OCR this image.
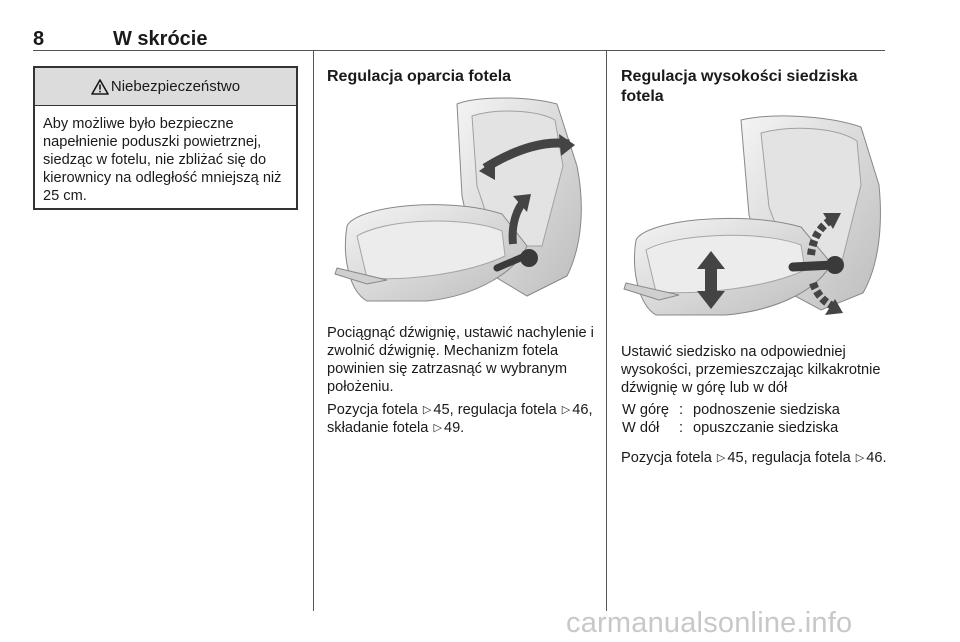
8	W skrócie
Niebezpieczeństwo
Aby możliwe było bezpieczne napełnienie poduszki powietrznej, siedząc w fotelu, nie zbliżać się do kierownicy na odległość mniejszą niż 25 cm.
Regulacja oparcia fotela
Pociągnąć dźwignię, ustawić nachylenie i zwolnić dźwignię. Mechanizm fotela powinien się zatrzasnąć w wybranym położeniu.
Pozycja fotela ▷ 45, regulacja fotela ▷ 46, składanie fotela ▷ 49.
Regulacja wysokości siedziska
fotela
Ustawić siedzisko na odpowiedniej wysokości, przemieszczając kilkakrotnie dźwignię w górę lub w dół
W górę : podnoszenie siedziska
W dół	: opuszczanie siedziska
Pozycja fotela ▷ 45, regulacja fotela ▷ 46.
carmanualsonline.info
